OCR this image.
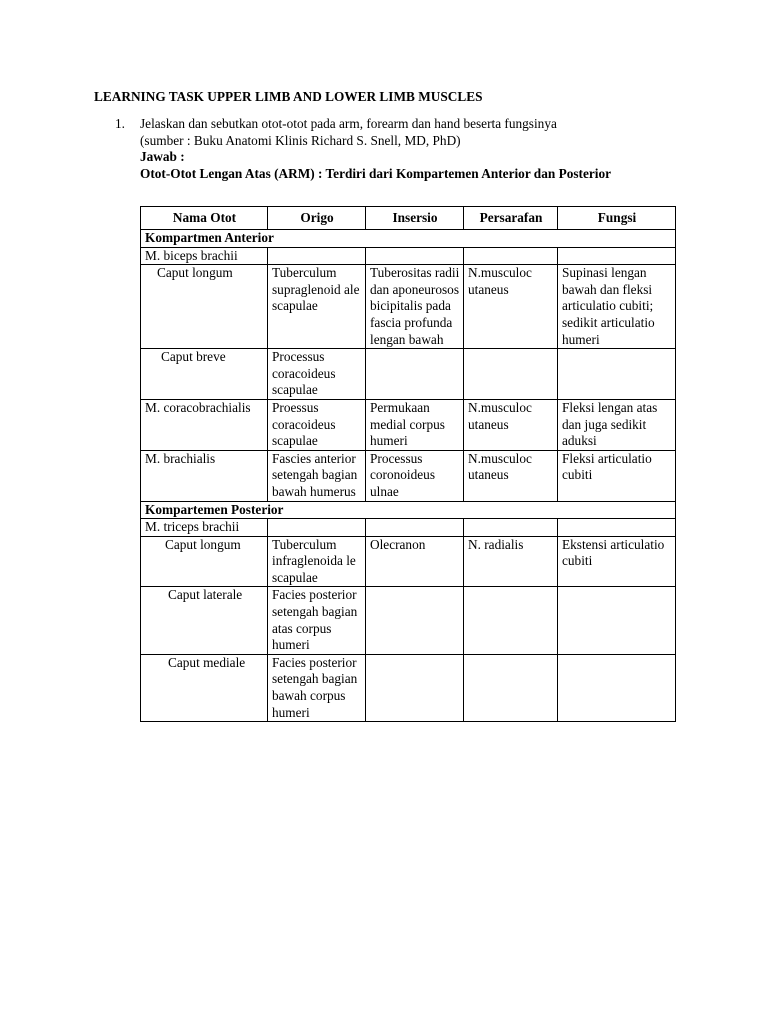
LEARNING TASK UPPER LIMB AND LOWER LIMB MUSCLES
1. Jelaskan dan sebutkan otot-otot pada arm, forearm dan hand beserta fungsinya
(sumber : Buku Anatomi Klinis Richard S. Snell, MD, PhD)
Jawab :
Otot-Otot Lengan Atas (ARM) : Terdiri dari Kompartemen Anterior dan Posterior
Nama Otot	Origo	Insersio	Persarafan	Fungsi
Kompartmen Anterior				
M. biceps brachii				
Caput longum	Tuberculum supraglenoid ale scapulae	Tuberositas radii dan aponeurosos bicipitalis pada fascia profunda lengan bawah	N.musculoc utaneus	Supinasi lengan bawah dan fleksi articulatio cubiti; sedikit articulatio humeri
Caput breve	Processus coracoideus scapulae			
M. coracobrachialis	Proessus coracoideus scapulae	Permukaan medial corpus humeri	N.musculoc utaneus	Fleksi lengan atas dan juga sedikit aduksi
M. brachialis	Fascies anterior setengah bagian bawah humerus	Processus coronoideus ulnae	N.musculoc utaneus	Fleksi articulatio cubiti
Kompartemen Posterior				
M. triceps brachii				
Caput longum	Tuberculum infraglenoida le scapulae	Olecranon	N. radialis	Ekstensi articulatio cubiti
Caput laterale	Facies posterior setengah bagian atas corpus humeri			
Caput mediale	Facies posterior setengah bagian bawah corpus humeri			
